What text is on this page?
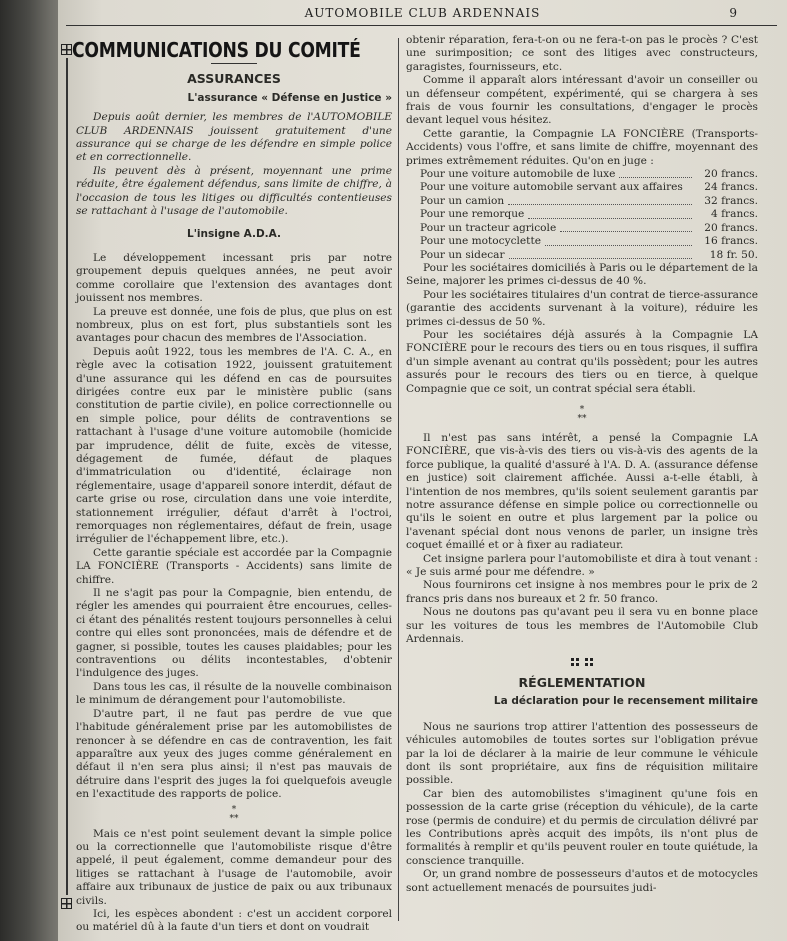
AUTOMOBILE CLUB ARDENNAIS	9
COMMUNICATIONS DU COMITÉ
ASSURANCES
L'assurance « Défense en Justice »

Depuis août dernier, les membres de l'AUTOMOBILE CLUB ARDENNAIS jouissent gratuitement d'une assurance qui se charge de les défendre en simple police et en correctionnelle.

Ils peuvent dès à présent, moyennant une prime réduite, être également défendus, sans limite de chiffre, à l'occasion de tous les litiges ou difficultés contentieuses se rattachant à l'usage de l'automobile.

L'insigne A.D.A.

Le développement incessant pris par notre groupement depuis quelques années, ne peut avoir comme corollaire que l'extension des avantages dont jouissent nos membres.

La preuve est donnée, une fois de plus, que plus on est nombreux, plus on est fort, plus substantiels sont les avantages pour chacun des membres de l'Association.

Depuis août 1922, tous les membres de l'A. C. A., en règle avec la cotisation 1922, jouissent gratuitement d'une assurance qui les défend en cas de poursuites dirigées contre eux par le ministère public (sans constitution de partie civile), en police correctionnelle ou en simple police, pour délits de contraventions se rattachant à l'usage d'une voiture automobile (homicide par imprudence, délit de fuite, excès de vitesse, dégagement de fumée, défaut de plaques d'immatriculation ou d'identité, éclairage non réglementaire, usage d'appareil sonore interdit, défaut de carte grise ou rose, circulation dans une voie interdite, stationnement irrégulier, défaut d'arrêt à l'octroi, remorquages non réglementaires, défaut de frein, usage irrégulier de l'échappement libre, etc.).

Cette garantie spéciale est accordée par la Compagnie LA FONCIÈRE (Transports - Accidents) sans limite de chiffre.

Il ne s'agit pas pour la Compagnie, bien entendu, de régler les amendes qui pourraient être encourues, celles-ci étant des pénalités restent toujours personnelles à celui contre qui elles sont prononcées, mais de défendre et de gagner, si possible, toutes les causes plaidables; pour les contraventions ou délits incontestables, d'obtenir l'indulgence des juges.

Dans tous les cas, il résulte de la nouvelle combinaison le minimum de dérangement pour l'automobiliste.

D'autre part, il ne faut pas perdre de vue que l'habitude généralement prise par les automobilistes de renoncer à se défendre en cas de contravention, les fait apparaître aux yeux des juges comme généralement en défaut il n'en sera plus ainsi; il n'est pas mauvais de détruire dans l'esprit des juges la foi quelquefois aveugle en l'exactitude des rapports de police.

*
**

Mais ce n'est point seulement devant la simple police ou la correctionnelle que l'automobiliste risque d'être appelé, il peut également, comme demandeur pour des litiges se rattachant à l'usage de l'automobile, avoir affaire aux tribunaux de justice de paix ou aux tribunaux civils.

Ici, les espèces abondent : c'est un accident corporel ou matériel dû à la faute d'un tiers et dont on voudrait

obtenir réparation, fera-t-on ou ne fera-t-on pas le procès ? C'est une surimposition; ce sont des litiges avec constructeurs, garagistes, fournisseurs, etc.

Comme il apparaît alors intéressant d'avoir un conseiller ou un défenseur compétent, expérimenté, qui se chargera à ses frais de vous fournir les consultations, d'engager le procès devant lequel vous hésitez.

Cette garantie, la Compagnie LA FONCIÈRE (Transports-Accidents) vous l'offre, et sans limite de chiffre, moyennant des primes extrêmement réduites. Qu'on en juge :

Pour une voiture automobile de luxe	20 francs.
Pour une voiture automobile servant aux affaires	24 francs.
Pour un camion	32 francs.
Pour une remorque	4 francs.
Pour un tracteur agricole	20 francs.
Pour une motocyclette	16 francs.
Pour un sidecar	18 fr. 50.

Pour les sociétaires domiciliés à Paris ou le département de la Seine, majorer les primes ci-dessus de 40 %.

Pour les sociétaires titulaires d'un contrat de tierce-assurance (garantie des accidents survenant à la voiture), réduire les primes ci-dessus de 50 %.

Pour les sociétaires déjà assurés à la Compagnie LA FONCIÈRE pour le recours des tiers ou en tous risques, il suffira d'un simple avenant au contrat qu'ils possèdent; pour les autres assurés pour le recours des tiers ou en tierce, à quelque Compagnie que ce soit, un contrat spécial sera établi.

*
**

Il n'est pas sans intérêt, a pensé la Compagnie LA FONCIÈRE, que vis-à-vis des tiers ou vis-à-vis des agents de la force publique, la qualité d'assuré à l'A. D. A. (assurance défense en justice) soit clairement affichée. Aussi a-t-elle établi, à l'intention de nos membres, qu'ils soient seulement garantis par notre assurance défense en simple police ou correctionnelle ou qu'ils le soient en outre et plus largement par la police ou l'avenant spécial dont nous venons de parler, un insigne très coquet émaillé et or à fixer au radiateur.

Cet insigne parlera pour l'automobiliste et dira à tout venant : « Je suis armé pour me défendre. »

Nous fournirons cet insigne à nos membres pour le prix de 2 francs pris dans nos bureaux et 2 fr. 50 franco.

Nous ne doutons pas qu'avant peu il sera vu en bonne place sur les voitures de tous les membres de l'Automobile Club Ardennais.

RÉGLEMENTATION
La déclaration pour le recensement militaire

Nous ne saurions trop attirer l'attention des possesseurs de véhicules automobiles de toutes sortes sur l'obligation prévue par la loi de déclarer à la mairie de leur commune le véhicule dont ils sont propriétaire, aux fins de réquisition militaire possible.

Car bien des automobilistes s'imaginent qu'une fois en possession de la carte grise (réception du véhicule), de la carte rose (permis de conduire) et du permis de circulation délivré par les Contributions après acquit des impôts, ils n'ont plus de formalités à remplir et qu'ils peuvent rouler en toute quiétude, la conscience tranquille.

Or, un grand nombre de possesseurs d'autos et de motocycles sont actuellement menacés de poursuites judi-
